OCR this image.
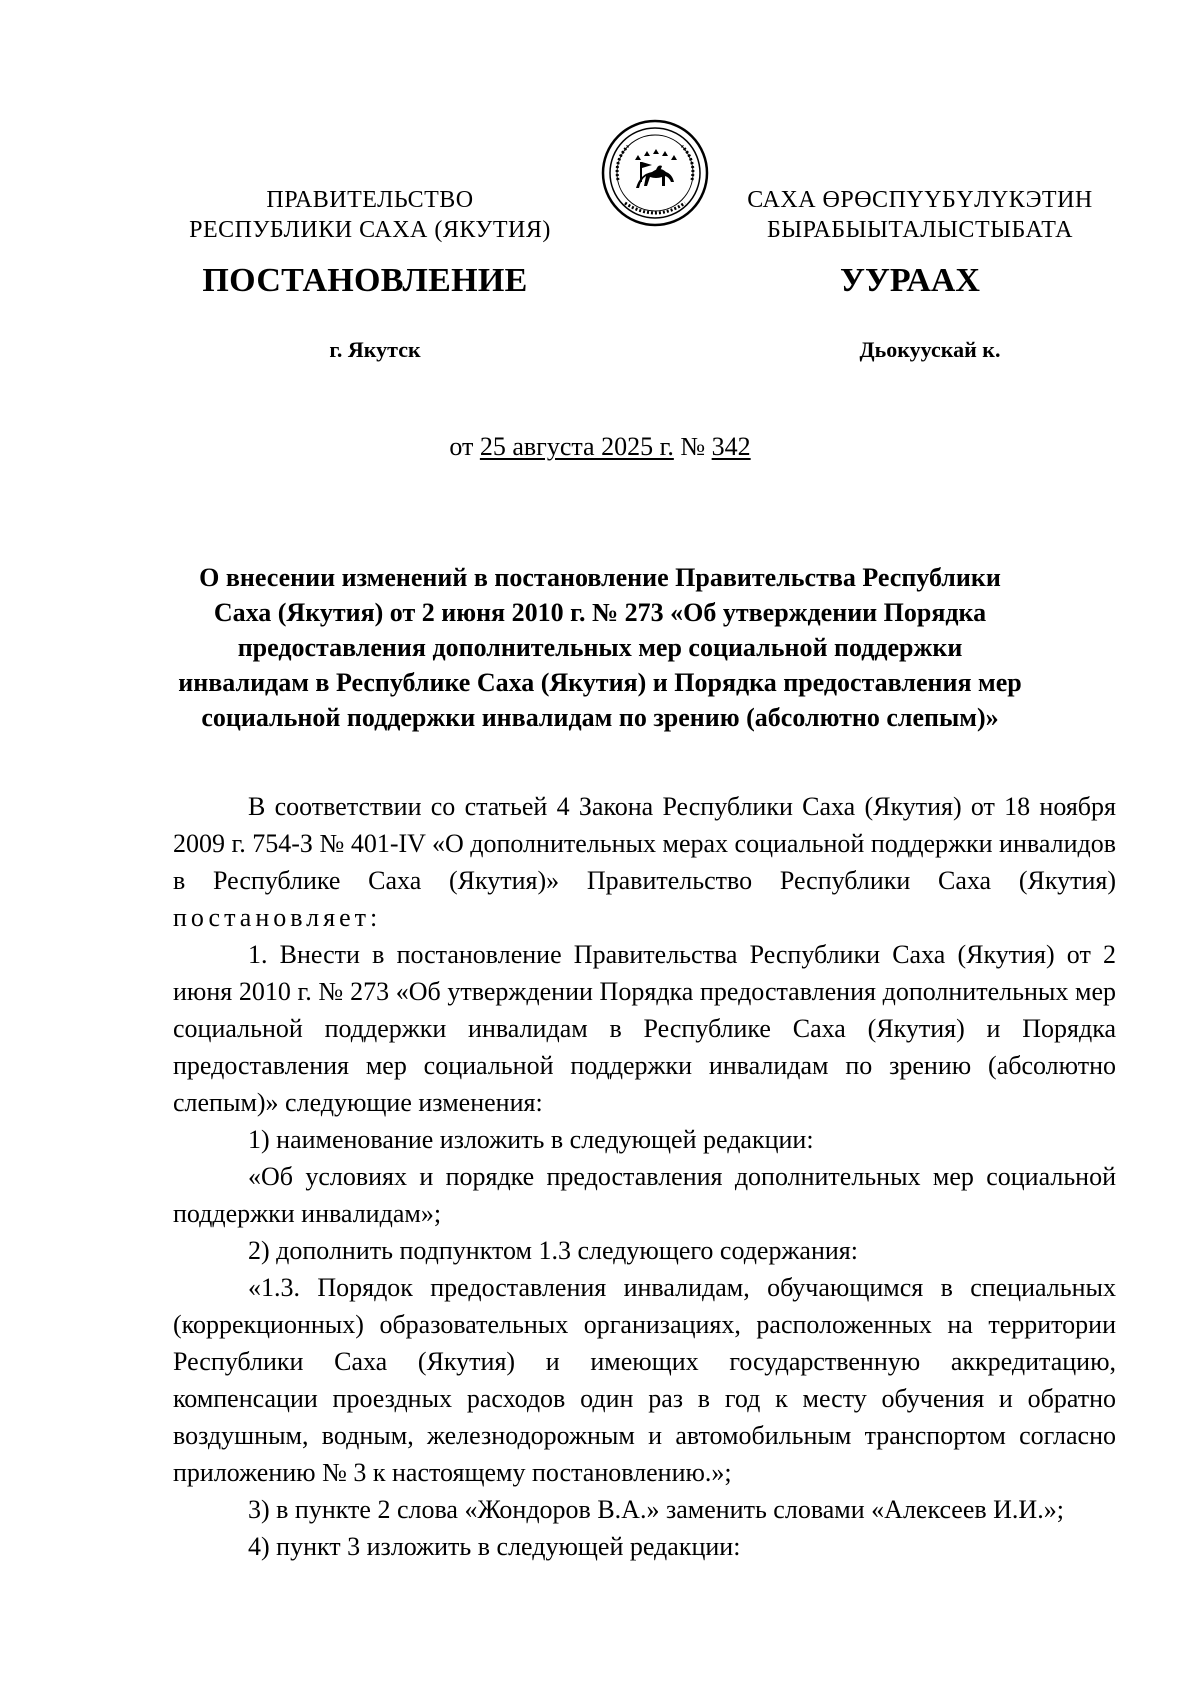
ПРАВИТЕЛЬСТВО
РЕСПУБЛИКИ САХА (ЯКУТИЯ)
САХА ӨРӨСПҮҮБҮЛҮКЭТИН
БЫРАБЫЫТАЛЫСТЫБАТА
ПОСТАНОВЛЕНИЕ	УУРААХ
г. Якутск	Дьокуускай к.
от 25 августа 2025 г. № 342
О внесении изменений в постановление Правительства Республики Саха (Якутия) от 2 июня 2010 г. № 273 «Об утверждении Порядка предоставления дополнительных мер социальной поддержки инвалидам в Республике Саха (Якутия) и Порядка предоставления мер социальной поддержки инвалидам по зрению (абсолютно слепым)»

В соответствии со статьей 4 Закона Республики Саха (Якутия) от 18 ноября 2009 г. 754-З № 401-IV «О дополнительных мерах социальной поддержки инвалидов в Республике Саха (Якутия)» Правительство Республики Саха (Якутия) постановляет:

1. Внести в постановление Правительства Республики Саха (Якутия) от 2 июня 2010 г. № 273 «Об утверждении Порядка предоставления дополнительных мер социальной поддержки инвалидам в Республике Саха (Якутия) и Порядка предоставления мер социальной поддержки инвалидам по зрению (абсолютно слепым)» следующие изменения:

1) наименование изложить в следующей редакции:

«Об условиях и порядке предоставления дополнительных мер социальной поддержки инвалидам»;

2) дополнить подпунктом 1.3 следующего содержания:

«1.3. Порядок предоставления инвалидам, обучающимся в специальных (коррекционных) образовательных организациях, расположенных на территории Республики Саха (Якутия) и имеющих государственную аккредитацию, компенсации проездных расходов один раз в год к месту обучения и обратно воздушным, водным, железнодорожным и автомобильным транспортом согласно приложению № 3 к настоящему постановлению.»;

3) в пункте 2 слова «Жондоров В.А.» заменить словами «Алексеев И.И.»;

4) пункт 3 изложить в следующей редакции:
